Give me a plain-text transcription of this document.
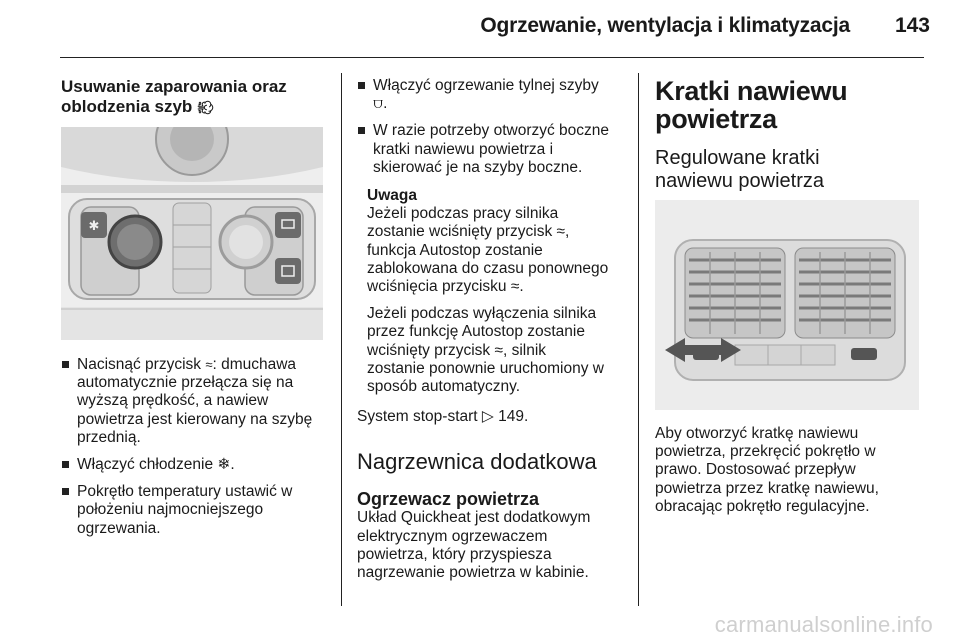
Ogrzewanie, wentylacja i klimatyzacja	143
Usuwanie zaparowania oraz
oblodzenia szyb 💨︎
✱
Nacisnąć przycisk ≈: dmuchawa
automatycznie przełącza się na
wyższą prędkość, a nawiew
powietrza jest kierowany na szybę
przednią.
Włączyć chłodzenie ❄.
Pokrętło temperatury ustawić w
położeniu najmocniejszego
ogrzewania.
Włączyć ogrzewanie tylnej szyby
⩌.
W razie potrzeby otworzyć boczne
kratki nawiewu powietrza i
skierować je na szyby boczne.
Uwaga
Jeżeli podczas pracy silnika
zostanie wciśnięty przycisk ≈,
funkcja Autostop zostanie
zablokowana do czasu ponownego
wciśnięcia przycisku ≈.
Jeżeli podczas wyłączenia silnika
przez funkcję Autostop zostanie
wciśnięty przycisk ≈, silnik
zostanie ponownie uruchomiony w
sposób automatyczny.
System stop-start ▷ 149.
Nagrzewnica dodatkowa
Ogrzewacz powietrza
Układ Quickheat jest dodatkowym
elektrycznym ogrzewaczem
powietrza, który przyspiesza
nagrzewanie powietrza w kabinie.
Kratki nawiewu
powietrza
Regulowane kratki
nawiewu powietrza
Aby otworzyć kratkę nawiewu
powietrza, przekręcić pokrętło w
prawo. Dostosować przepływ
powietrza przez kratkę nawiewu,
obracając pokrętło regulacyjne.
carmanualsonline.info
